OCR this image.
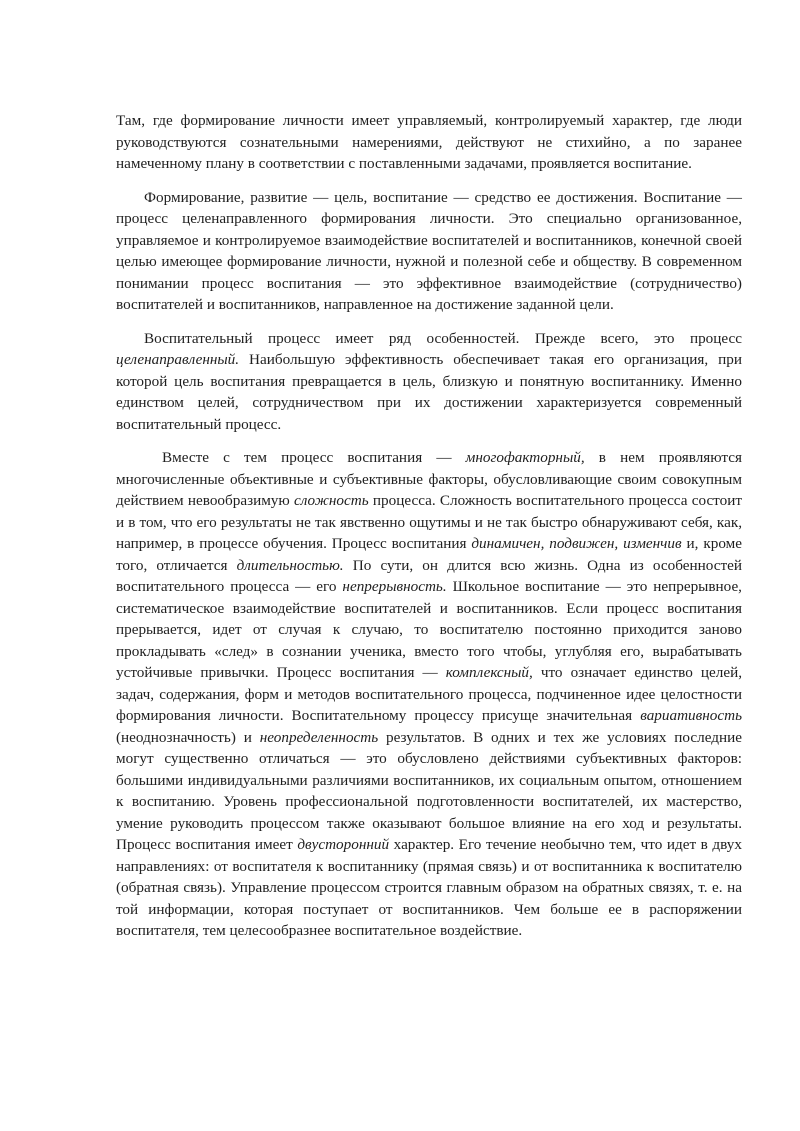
Там, где формирование личности имеет управляемый, контролируемый характер, где люди руководствуются сознательными намерениями, действуют не стихийно, а по заранее намеченному плану в соответствии с поставленными задачами, проявляется воспитание.

Формирование, развитие — цель, воспитание — средство ее достижения. Воспитание — процесс целенаправленного формирования личности. Это специально организованное, управляемое и контролируемое взаимодействие воспитателей и воспитанников, конечной своей целью имеющее формирование личности, нужной и полезной себе и обществу. В современном понимании процесс воспитания — это эффективное взаимодействие (сотрудничество) воспитателей и воспитанников, направленное на достижение заданной цели.

Воспитательный процесс имеет ряд особенностей. Прежде всего, это процесс целенаправленный. Наибольшую эффективность обеспечивает такая его организация, при которой цель воспитания превращается в цель, близкую и понятную воспитаннику. Именно единством целей, сотрудничеством при их достижении характеризуется современный воспитательный процесс.

Вместе с тем процесс воспитания — многофакторный, в нем проявляются многочисленные объективные и субъективные факторы, обусловливающие своим совокупным действием невообразимую сложность процесса. Сложность воспитательного процесса состоит и в том, что его результаты не так явственно ощутимы и не так быстро обнаруживают себя, как, например, в процессе обучения. Процесс воспитания динамичен, подвижен, изменчив и, кроме того, отличается длительностью. По сути, он длится всю жизнь. Одна из особенностей воспитательного процесса — его непрерывность. Школьное воспитание — это непрерывное, систематическое взаимодействие воспитателей и воспитанников. Если процесс воспитания прерывается, идет от случая к случаю, то воспитателю постоянно приходится заново прокладывать «след» в сознании ученика, вместо того чтобы, углубляя его, вырабатывать устойчивые привычки. Процесс воспитания — комплексный, что означает единство целей, задач, содержания, форм и методов воспитательного процесса, подчиненное идее целостности формирования личности. Воспитательному процессу присуще значительная вариативность (неоднозначность) и неопределенность результатов. В одних и тех же условиях последние могут существенно отличаться — это обусловлено действиями субъективных факторов: большими индивидуальными различиями воспитанников, их социальным опытом, отношением к воспитанию. Уровень профессиональной подготовленности воспитателей, их мастерство, умение руководить процессом также оказывают большое влияние на его ход и результаты. Процесс воспитания имеет двусторонний характер. Его течение необычно тем, что идет в двух направлениях: от воспитателя к воспитаннику (прямая связь) и от воспитанника к воспитателю (обратная связь). Управление процессом строится главным образом на обратных связях, т. е. на той информации, которая поступает от воспитанников. Чем больше ее в распоряжении воспитателя, тем целесообразнее воспитательное воздействие.
